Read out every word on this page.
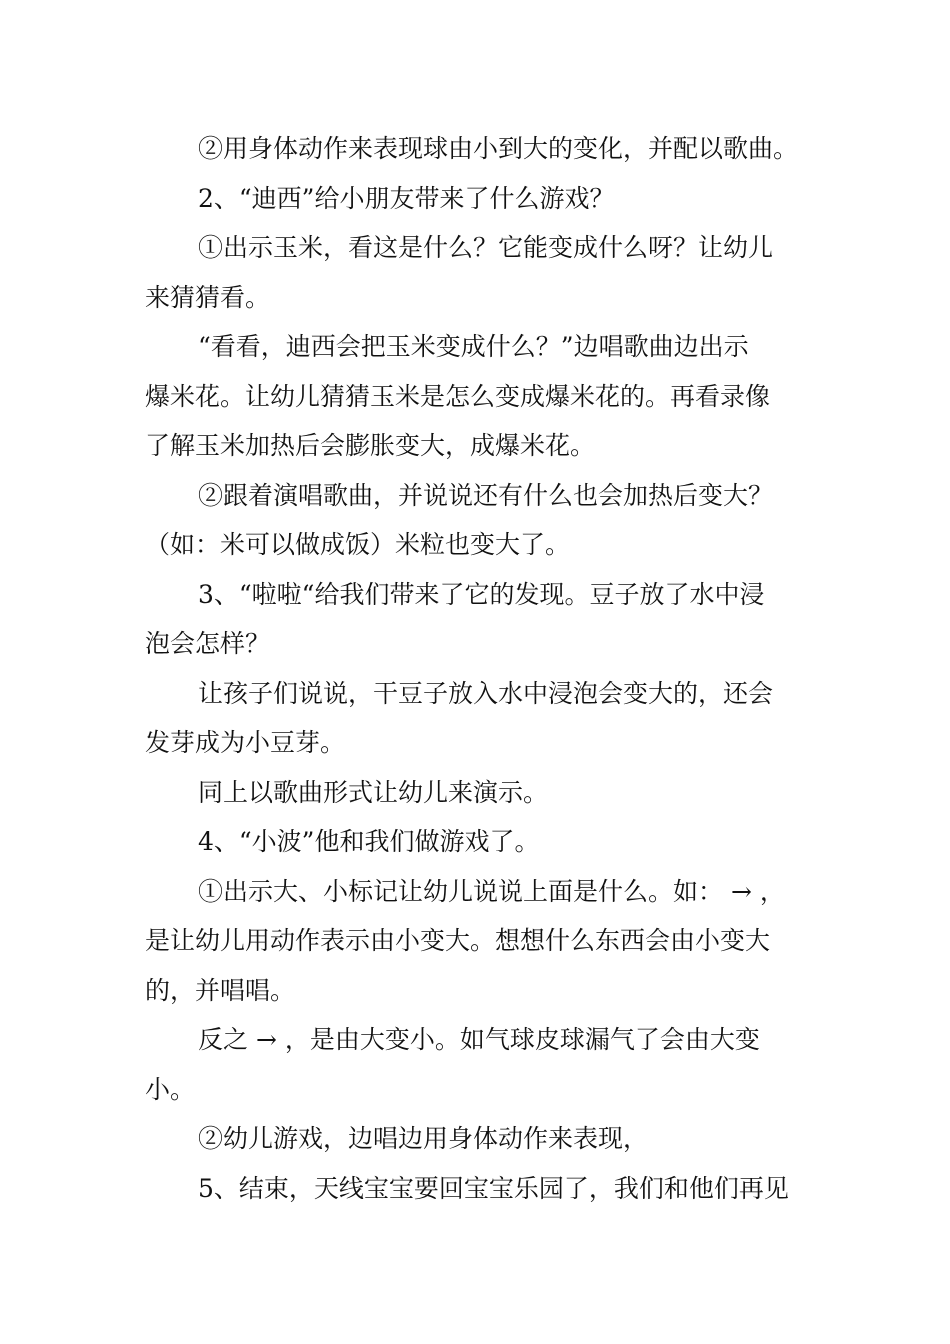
②用身体动作来表现球由小到大的变化，并配以歌曲。

2、“迪西”给小朋友带来了什么游戏？

①出示玉米，看这是什么？它能变成什么呀？让幼儿
来猜猜看。

“看看，迪西会把玉米变成什么？”边唱歌曲边出示
爆米花。让幼儿猜猜玉米是怎么变成爆米花的。再看录像
了解玉米加热后会膨胀变大，成爆米花。

②跟着演唱歌曲，并说说还有什么也会加热后变大？
（如：米可以做成饭）米粒也变大了。

3、“啦啦“给我们带来了它的发现。豆子放了水中浸
泡会怎样？

让孩子们说说，干豆子放入水中浸泡会变大的，还会
发芽成为小豆芽。

同上以歌曲形式让幼儿来演示。

4、“小波”他和我们做游戏了。

①出示大、小标记让幼儿说说上面是什么。如： → ，
是让幼儿用动作表示由小变大。想想什么东西会由小变大
的，并唱唱。

反之 → ，是由大变小。如气球皮球漏气了会由大变
小。

②幼儿游戏，边唱边用身体动作来表现，

5、结束，天线宝宝要回宝宝乐园了，我们和他们再见
